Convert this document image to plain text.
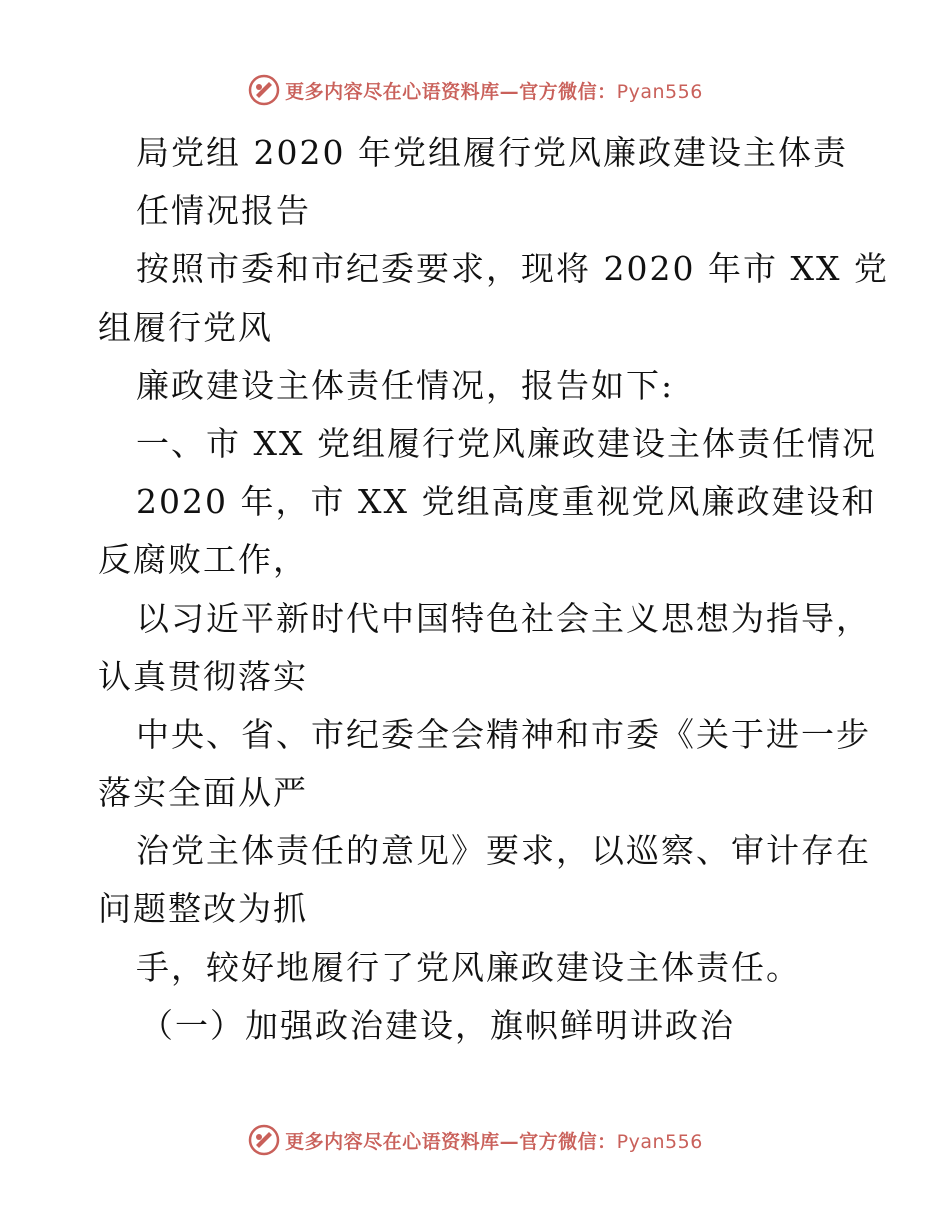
更多内容尽在心语资料库—官方微信：Pyan556
局党组 2020 年党组履行党风廉政建设主体责
任情况报告
按照市委和市纪委要求，现将 2020 年市 XX 党
组履行党风
廉政建设主体责任情况，报告如下:
一、市 XX 党组履行党风廉政建设主体责任情况
2020 年，市 XX 党组高度重视党风廉政建设和
反腐败工作，
以习近平新时代中国特色社会主义思想为指导，
认真贯彻落实
中央、省、市纪委全会精神和市委《关于进一步
落实全面从严
治党主体责任的意见》要求，以巡察、审计存在
问题整改为抓
手，较好地履行了党风廉政建设主体责任。
（一）加强政治建设，旗帜鲜明讲政治
更多内容尽在心语资料库—官方微信：Pyan556
